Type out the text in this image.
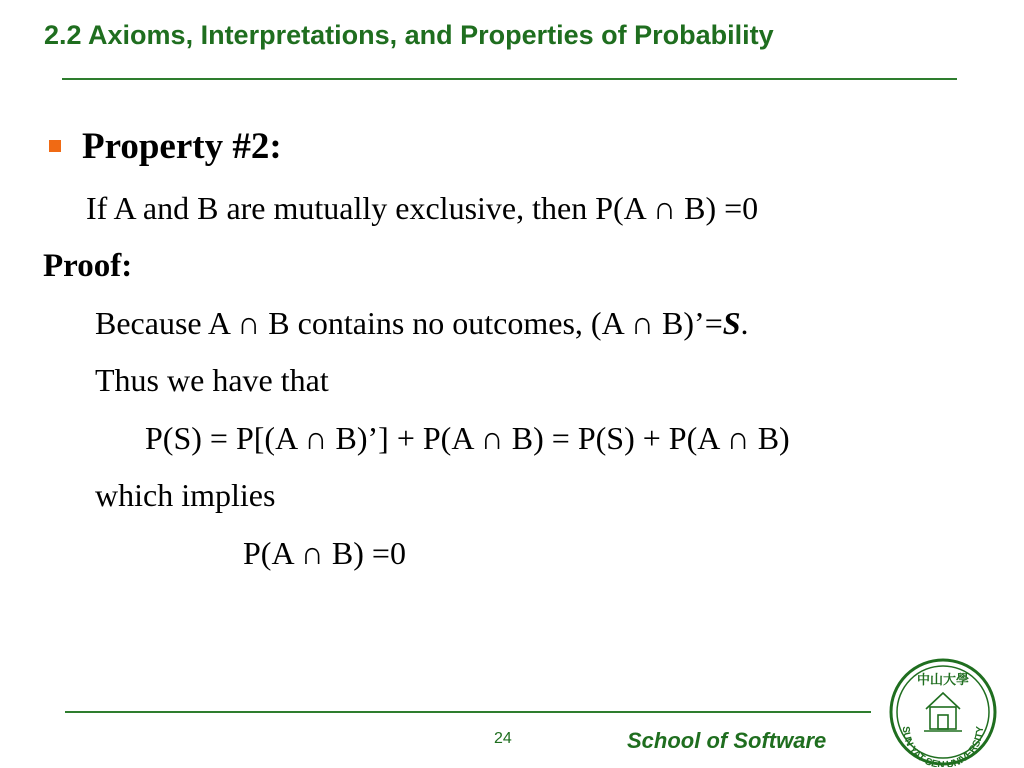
2.2 Axioms, Interpretations, and Properties of Probability
Property #2:
If A and B are mutually exclusive, then P(A ∩ B) =0
Proof:
Because A ∩ B contains no outcomes, (A ∩ B)’=S.
Thus we have that
P(S) = P[(A ∩ B)’] + P(A ∩ B) = P(S) + P(A ∩ B)
which implies
P(A ∩ B) =0
24	School of Software
中山大學
SUN YAT-SEN UNIVERSITY
